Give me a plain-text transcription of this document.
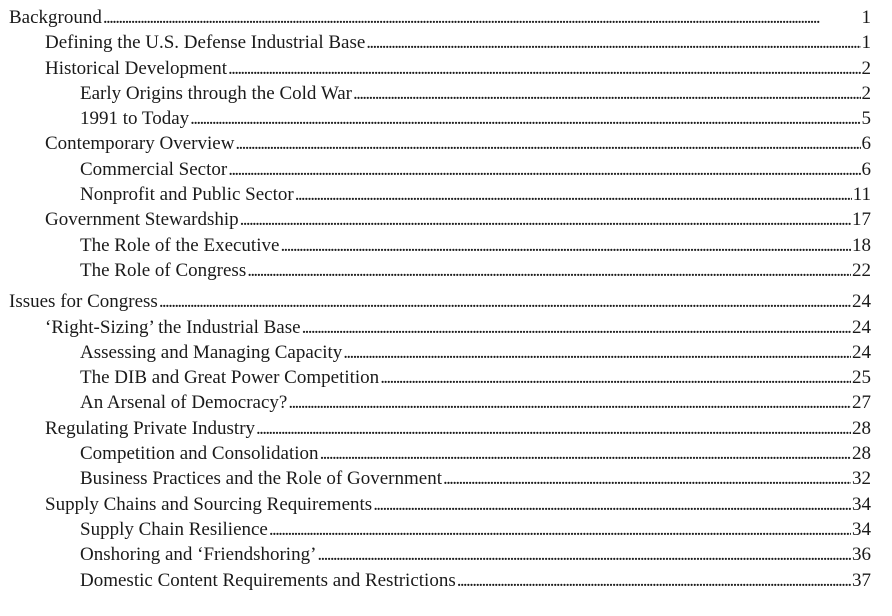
Background . . .	1
Defining the U.S. Defense Industrial Base . . .	1
Historical Development . . .	2
Early Origins through the Cold War . . .	2
1991 to Today . . .	5
Contemporary Overview . . .	6
Commercial Sector . . .	6
Nonprofit and Public Sector . . .	11
Government Stewardship . . .	17
The Role of the Executive . . .	18
The Role of Congress . . .	22
Issues for Congress . . .	24
‘Right-Sizing’ the Industrial Base . . .	24
Assessing and Managing Capacity . . .	24
The DIB and Great Power Competition . . .	25
An Arsenal of Democracy? . . .	27
Regulating Private Industry . . .	28
Competition and Consolidation . . .	28
Business Practices and the Role of Government . . .	32
Supply Chains and Sourcing Requirements . . .	34
Supply Chain Resilience . . .	34
Onshoring and ‘Friendshoring’ . . .	36
Domestic Content Requirements and Restrictions . . .	37
